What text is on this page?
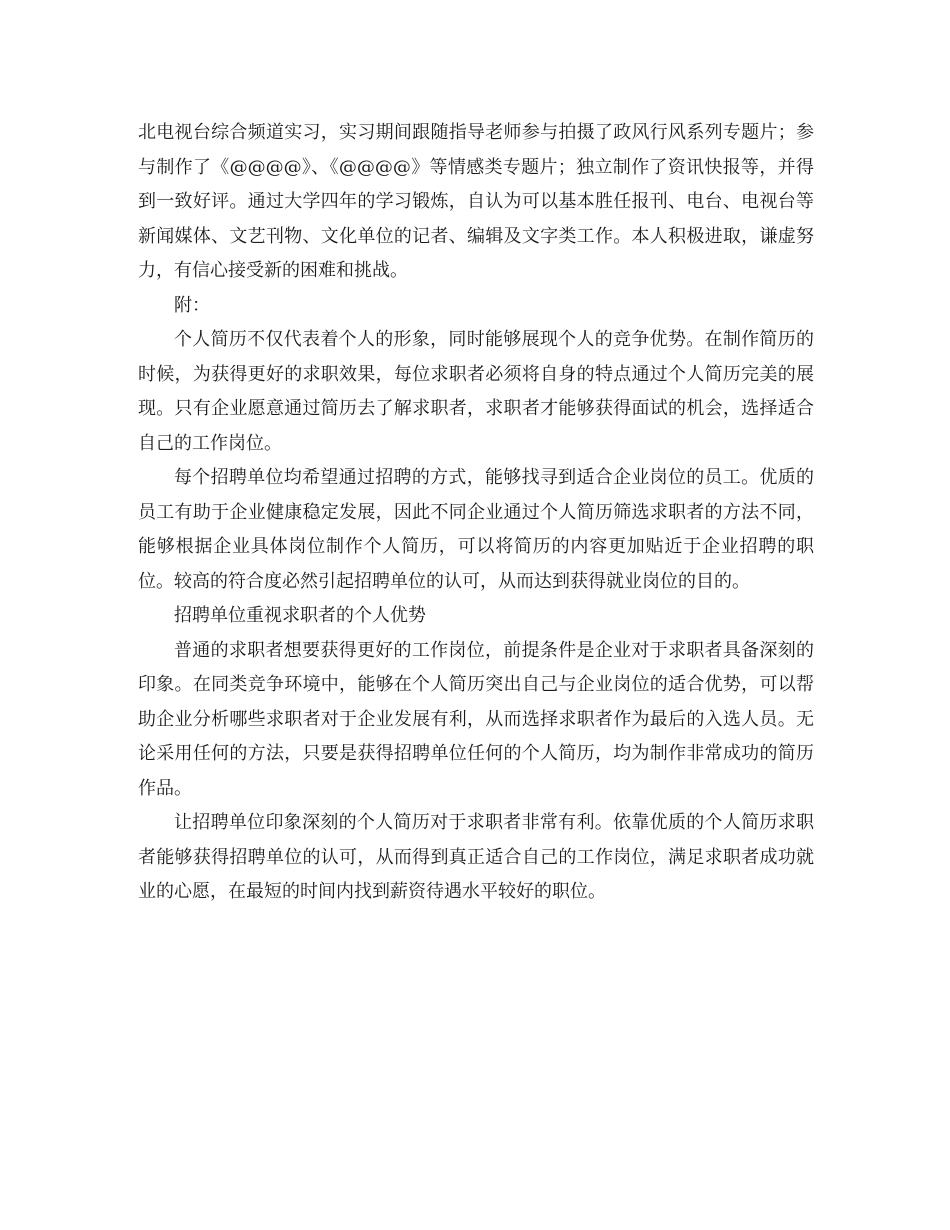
北电视台综合频道实习，实习期间跟随指导老师参与拍摄了政风行风系列专题片；参与制作了《@@@@》、《@@@@》等情感类专题片；独立制作了资讯快报等，并得到一致好评。通过大学四年的学习锻炼，自认为可以基本胜任报刊、电台、电视台等新闻媒体、文艺刊物、文化单位的记者、编辑及文字类工作。本人积极进取，谦虚努力，有信心接受新的困难和挑战。

附：

个人简历不仅代表着个人的形象，同时能够展现个人的竞争优势。在制作简历的时候，为获得更好的求职效果，每位求职者必须将自身的特点通过个人简历完美的展现。只有企业愿意通过简历去了解求职者，求职者才能够获得面试的机会，选择适合自己的工作岗位。

每个招聘单位均希望通过招聘的方式，能够找寻到适合企业岗位的员工。优质的员工有助于企业健康稳定发展，因此不同企业通过个人简历筛选求职者的方法不同，能够根据企业具体岗位制作个人简历，可以将简历的内容更加贴近于企业招聘的职位。较高的符合度必然引起招聘单位的认可，从而达到获得就业岗位的目的。

招聘单位重视求职者的个人优势

普通的求职者想要获得更好的工作岗位，前提条件是企业对于求职者具备深刻的印象。在同类竞争环境中，能够在个人简历突出自己与企业岗位的适合优势，可以帮助企业分析哪些求职者对于企业发展有利，从而选择求职者作为最后的入选人员。无论采用任何的方法，只要是获得招聘单位任何的个人简历，均为制作非常成功的简历作品。

让招聘单位印象深刻的个人简历对于求职者非常有利。依靠优质的个人简历求职者能够获得招聘单位的认可，从而得到真正适合自己的工作岗位，满足求职者成功就业的心愿，在最短的时间内找到薪资待遇水平较好的职位。
